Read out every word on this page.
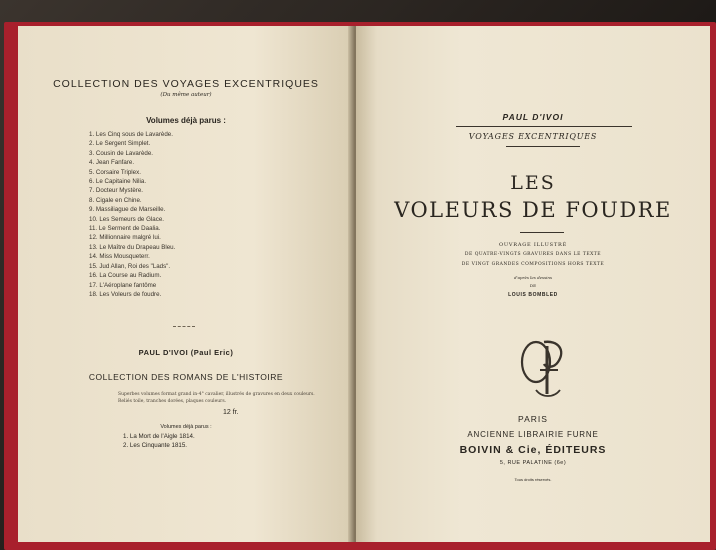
COLLECTION DES VOYAGES EXCENTRIQUES
(Du même auteur)
Volumes déjà parus :
1. Les Cinq sous de Lavarède.
2. Le Sergent Simplet.
3. Cousin de Lavarède.
4. Jean Fanfare.
5. Corsaire Triplex.
6. Le Capitaine Nilia.
7. Docteur Mystère.
8. Cigale en Chine.
9. Massiliague de Marseille.
10. Les Semeurs de Glace.
11. Le Serment de Daalia.
12. Millionnaire malgré lui.
13. Le Maître du Drapeau Bleu.
14. Miss Mousqueterr.
15. Jud Allan, Roi des "Lads".
16. La Course au Radium.
17. L'Aéroplane fantôme
18. Les Voleurs de foudre.
PAUL D'IVOI (Paul Eric)
COLLECTION DES ROMANS DE L'HISTOIRE
Superbes volumes format grand in-4° cavalier, illustrés de gravures en deux couleurs. Reliés toile, tranches dorées, plaques couleurs.
12 fr.
Volumes déjà parus :
1. La Mort de l'Aigle 1814.
2. Les Cinquante 1815.
PAUL D'IVOI
VOYAGES EXCENTRIQUES
LES
VOLEURS DE FOUDRE
OUVRAGE ILLUSTRÉ
DE QUATRE-VINGTS GRAVURES DANS LE TEXTE
DE VINGT GRANDES COMPOSITIONS HORS TEXTE
d'après les dessins
DE
LOUIS BOMBLED
PARIS
ANCIENNE LIBRAIRIE FURNE
BOIVIN & Cie, ÉDITEURS
5, RUE PALATINE (6e)
Tous droits réservés.
